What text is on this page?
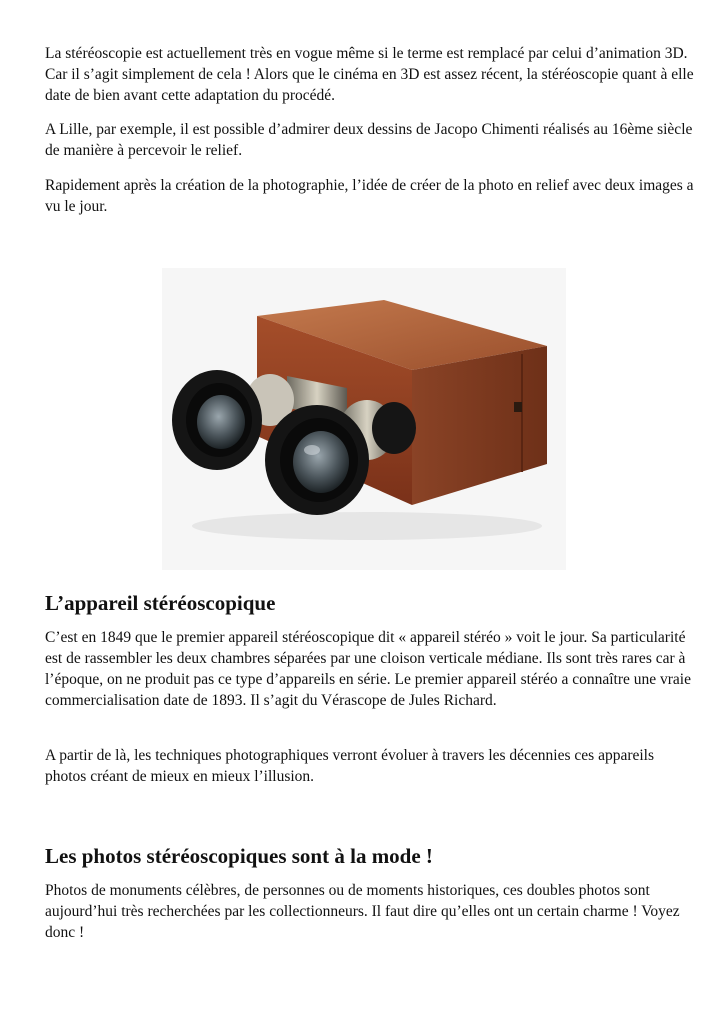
La stéréoscopie est actuellement très en vogue même si le terme est remplacé par celui d’animation 3D. Car il s’agit simplement de cela ! Alors que le cinéma en 3D est assez récent, la stéréoscopie quant à elle date de bien avant cette adaptation du procédé.

A Lille, par exemple, il est possible d’admirer deux dessins de Jacopo Chimenti réalisés au 16ème siècle de manière à percevoir le relief.

Rapidement après la création de la photographie, l’idée de créer de la photo en relief avec deux images a vu le jour.

L’appareil stéréoscopique

C’est en 1849 que le premier appareil stéréoscopique dit « appareil stéréo » voit le jour. Sa particularité est de rassembler les deux chambres séparées par une cloison verticale médiane. Ils sont très rares car à l’époque, on ne produit pas ce type d’appareils en série. Le premier appareil stéréo a connaître une vraie commercialisation date de 1893. Il s’agit du Vérascope de Jules Richard.

A partir de là, les techniques photographiques verront évoluer à travers les décennies ces appareils photos créant de mieux en mieux l’illusion.

Les photos stéréoscopiques sont à la mode !

Photos de monuments célèbres, de personnes ou de moments historiques, ces doubles photos sont aujourd’hui très recherchées par les collectionneurs. Il faut dire qu’elles ont un certain charme ! Voyez donc !
